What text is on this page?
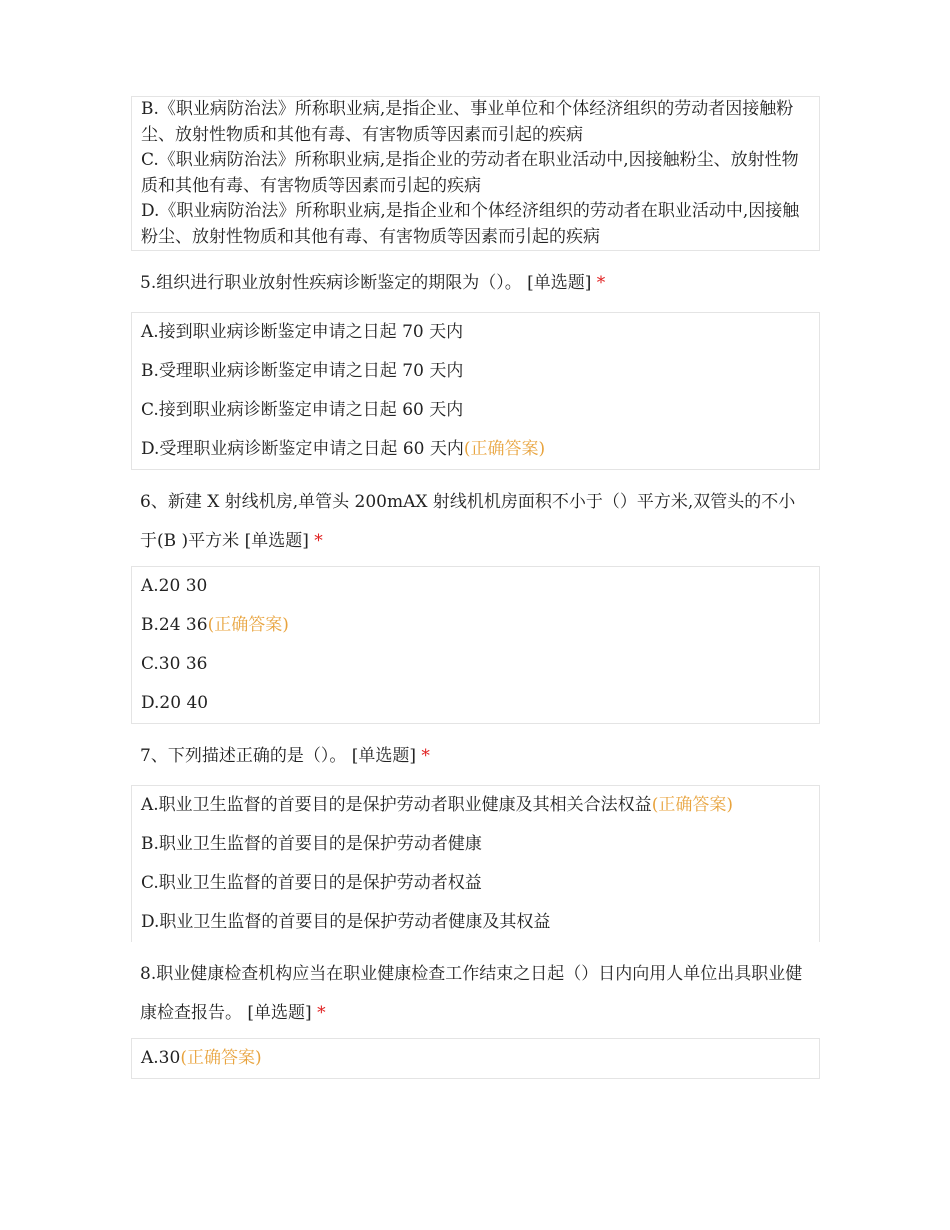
B.《职业病防治法》所称职业病,是指企业、事业单位和个体经济组织的劳动者因接触粉尘、放射性物质和其他有毒、有害物质等因素而引起的疾病
C.《职业病防治法》所称职业病,是指企业的劳动者在职业活动中,因接触粉尘、放射性物质和其他有毒、有害物质等因素而引起的疾病
D.《职业病防治法》所称职业病,是指企业和个体经济组织的劳动者在职业活动中,因接触粉尘、放射性物质和其他有毒、有害物质等因素而引起的疾病
5.组织进行职业放射性疾病诊断鉴定的期限为（）。 [单选题] *
A.接到职业病诊断鉴定申请之日起 70 天内
B.受理职业病诊断鉴定申请之日起 70 天内
C.接到职业病诊断鉴定申请之日起 60 天内
D.受理职业病诊断鉴定申请之日起 60 天内(正确答案)
6、新建 X 射线机房,单管头 200mAX 射线机机房面积不小于（）平方米,双管头的不小于(B )平方米 [单选题] *
A.20 30
B.24 36(正确答案)
C.30 36
D.20 40
7、下列描述正确的是（）。 [单选题] *
A.职业卫生监督的首要目的是保护劳动者职业健康及其相关合法权益(正确答案)
B.职业卫生监督的首要目的是保护劳动者健康
C.职业卫生监督的首要日的是保护劳动者权益
D.职业卫生监督的首要目的是保护劳动者健康及其权益
8.职业健康检查机构应当在职业健康检查工作结束之日起（）日内向用人单位出具职业健康检查报告。 [单选题] *
A.30(正确答案)
